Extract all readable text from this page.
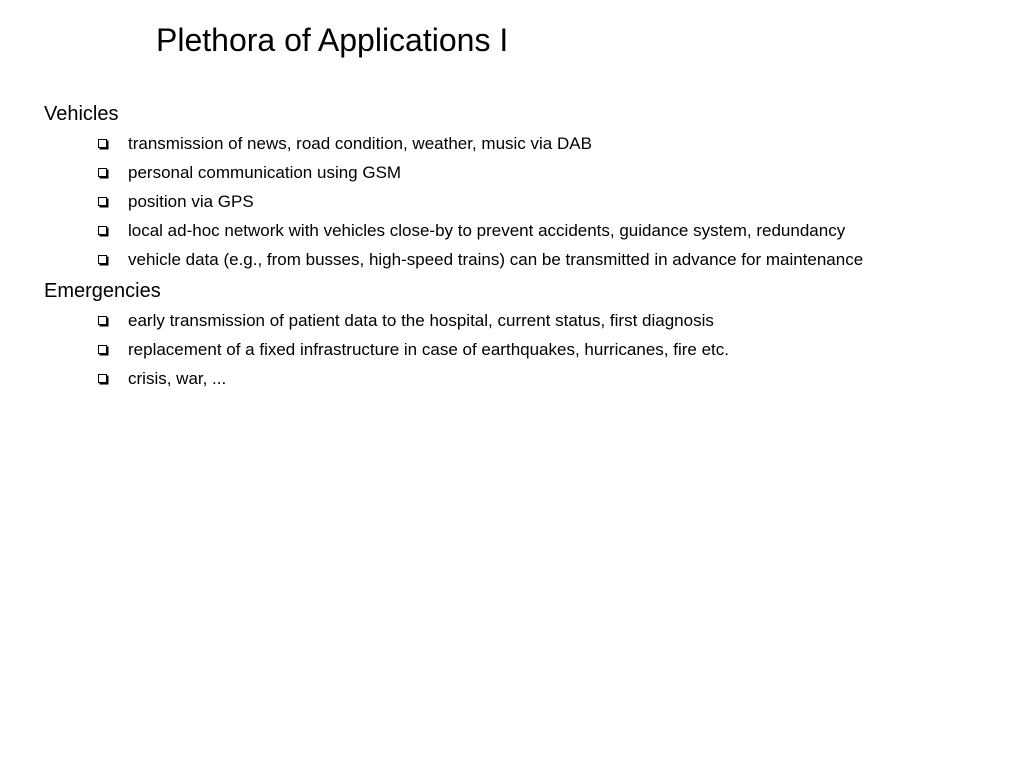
Plethora of Applications I
Vehicles
transmission of news, road condition, weather, music via DAB
personal communication using GSM
position via GPS
local ad-hoc network with vehicles close-by to prevent accidents, guidance system, redundancy
vehicle data (e.g., from busses, high-speed trains) can be transmitted in advance for maintenance
Emergencies
early transmission of patient data to the hospital, current status, first diagnosis
replacement of a fixed infrastructure in case of earthquakes, hurricanes, fire etc.
crisis, war, ...
